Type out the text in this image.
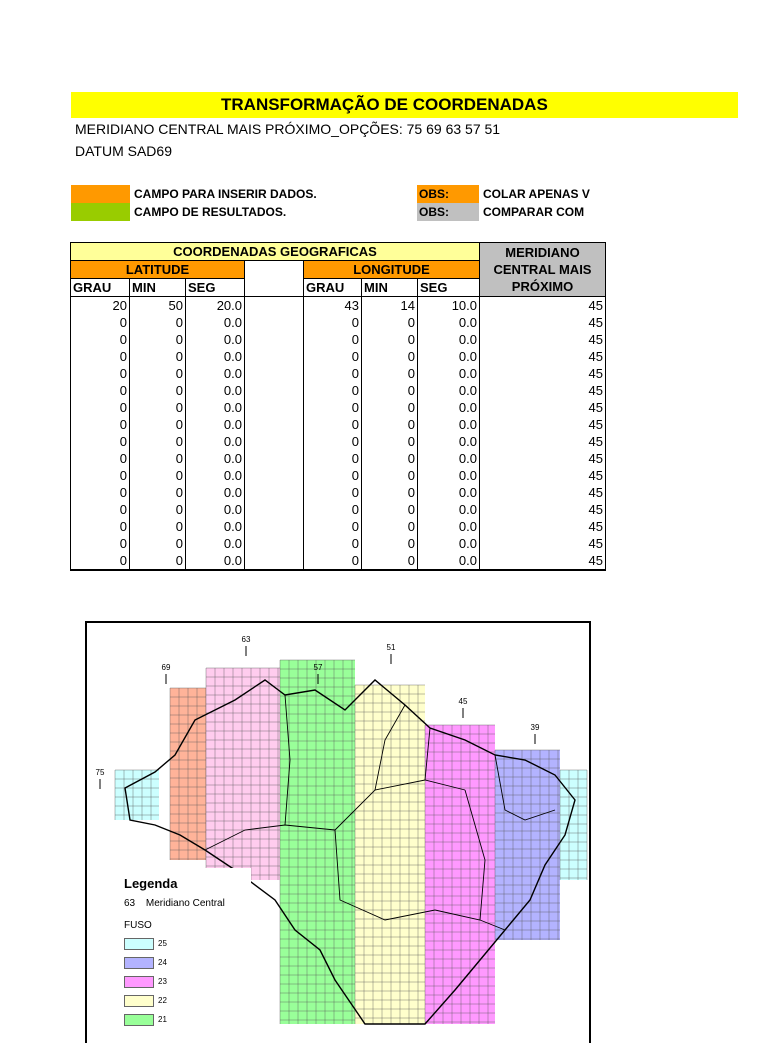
TRANSFORMAÇÃO DE COORDENADAS
MERIDIANO CENTRAL MAIS PRÓXIMO_OPÇÕES: 75 69 63 57 51
DATUM SAD69
CAMPO PARA INSERIR DADOS.	OBS:	COLAR APENAS V
CAMPO DE RESULTADOS.	OBS:	COMPARAR COM
COORDENADAS GEOGRAFICAS							MERIDIANO CENTRAL MAIS PRÓXIMO
LATITUDE				LONGITUDE			
GRAU	MIN	SEG		GRAU	MIN	SEG	
20	50	20.0		43	14	10.0	45
0	0	0.0		0	0	0.0	45
0	0	0.0		0	0	0.0	45
0	0	0.0		0	0	0.0	45
0	0	0.0		0	0	0.0	45
0	0	0.0		0	0	0.0	45
0	0	0.0		0	0	0.0	45
0	0	0.0		0	0	0.0	45
0	0	0.0		0	0	0.0	45
0	0	0.0		0	0	0.0	45
0	0	0.0		0	0	0.0	45
0	0	0.0		0	0	0.0	45
0	0	0.0		0	0	0.0	45
0	0	0.0		0	0	0.0	45
0	0	0.0		0	0	0.0	45
0	0	0.0		0	0	0.0	45
75
69
63
57
51
45
39
Legenda
63 Meridiano Central
FUSO
25
24
23
22
21
